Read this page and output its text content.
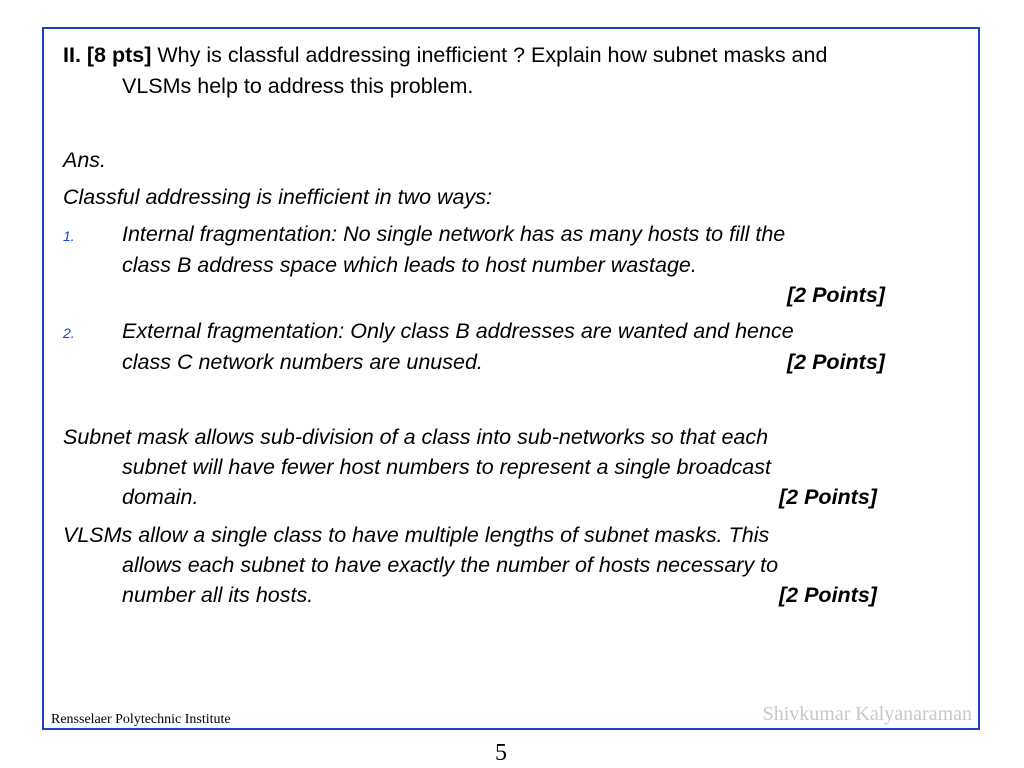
II. [8 pts] Why is classful addressing inefficient ? Explain how subnet masks and
VLSMs help to address this problem.
Ans.
Classful addressing is inefficient in two ways:
1. Internal fragmentation: No single network has as many hosts to fill the
class B address space which leads to host number wastage.
[2 Points]
2. External fragmentation: Only class B addresses are wanted and hence
class C network numbers are unused.	[2 Points]
Subnet mask allows sub-division of a class into sub-networks so that each
subnet will have fewer host numbers to represent a single broadcast
domain.	[2 Points]
VLSMs allow a single class to have multiple lengths of subnet masks. This
allows each subnet to have exactly the number of hosts necessary to
number all its hosts.	[2 Points]
Rensselaer Polytechnic Institute	Shivkumar Kalyanaraman
5
